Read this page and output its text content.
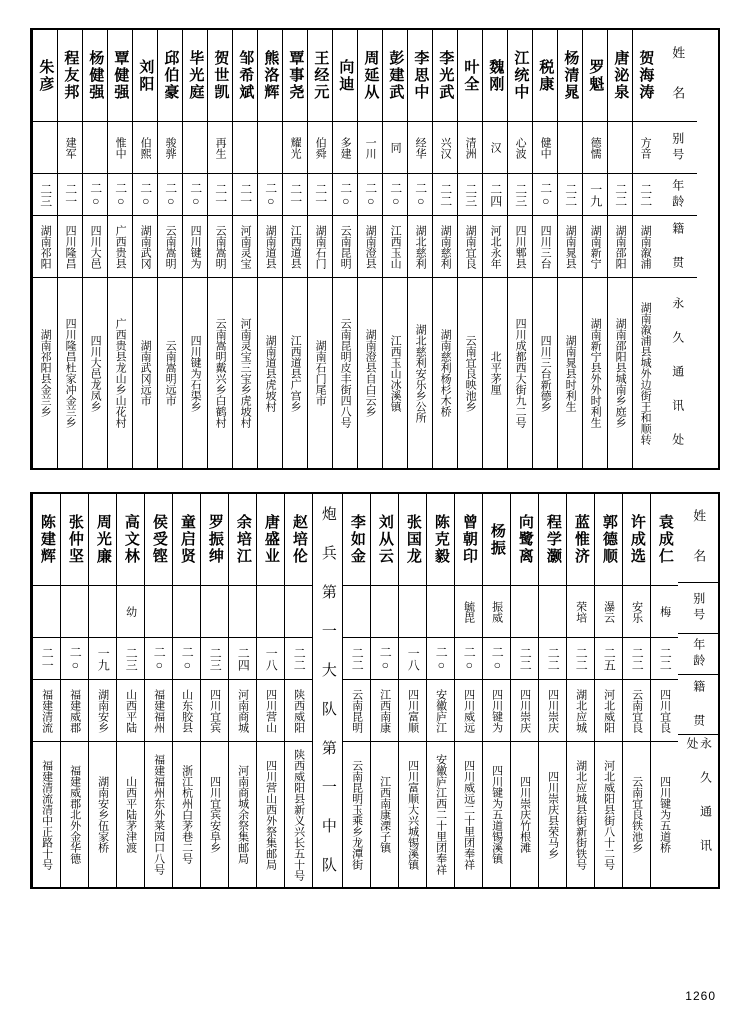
朱彦
二三
湖南祁阳
湖南祁阳县金兰乡
程友邦
建军
二一
四川隆昌
四川隆昌杜家冲金兰乡
杨健强
二○
四川大邑
四川大邑龙凤乡
覃健强
惟中
二○
广西贵县
广西贵县龙山乡山花村
刘阳
伯熙
二○
湖南武冈
湖南武冈远市
邱伯豪
骏骅
二○
云南嵩明
云南嵩明远市
毕光庭
二○
四川键为
四川键为石渠乡
贺世凯
再生
二一
云南嵩明
云南嵩明戴兴乡白鹤村
邹希斌
二一
河南灵宝
河南灵宝三宝乡虎坡村
熊洛辉
二○
湖南道县
湖南道县虎坡村
覃事尧
耀光
二一
江西道县
江西道县广宫乡
王经元
伯舜
二一
湖南石门
湖南石门尾市
向迪
多建
二○
云南昆明
云南昆明皮丰街四八号
周延从
一川
二○
湖南澄县
湖南澄县自白云乡
彭建武
同
二○
江西玉山
江西玉山冰溪镇
李思中
经华
二○
湖北慈利
湖北慈利安乐乡公所
李光武
兴汉
二二
湖南慈利
湖南慈利杨杉木桥
叶全
清洲
二三
湖南宜良
云南宜良映池乡
魏刚
汉
二四
河北永年
北平茅厘
江统中
心波
二三
四川郫县
四川成都西大街九二号
税康
健中
二○
四川三台
四川三台新德乡
杨清晁
二二
湖南晁县
湖南晁县时利生
罗魁
德懦
一九
湖南新宁
湖南新宁县外外时利生
唐泌泉
二二
湖南邵阳
湖南邵阳县城南乡庭乡
贺海涛
方音
二二
湖南溆浦
湖南溆浦县城外边街王和顺转
姓 名
别号
年龄
籍 贯
永 久 通 讯 处
陈建辉
二一
福建清流
福建清流清中正路十号
张仲坚
二○
福建威郡
福建威郡北外金华德
周光廉
一九
湖南安乡
湖南安乡伍家桥
高文林
幼
二三
山西平陆
山西平陆茅津渡
侯受铿
二○
福建福州
福建福州东外菜园口八号
童启贤
二○
山东胶县
浙江杭州白茅巷二号
罗振绅
二三
四川宜宾
四川宜宾安阜乡
余培江
二四
河南商城
河南商城余祭集邮局
唐盛业
一八
四川营山
四川营山西外祭集邮局
赵培伦
二二
陕西威阳
陕西威阳县新义兴长五十号	炮 兵 第 一 大 队 第 一 中 队 李如金
二二
云南昆明
云南昆明玉乘乡龙潭街
刘从云
二○
江西南康
江西南康溧子镇
张国龙
一八
四川富顺
四川富顺大兴城锡溪镇
陈克毅
二○
安徽庐江
安徽庐江西二十里团奉祥
曾朝印
毓毘
二○
四川威远
四川威远二十里团奉祥
杨振
振威
二○
四川键为
四川键为五道锡溪镇
向鹭离
二二
四川崇庆
四川崇庆竹根滩
程学灏
二二
四川崇庆
四川崇庆县荣马乡
蓝惟济
荣培
二二
湖北应城
湖北应城县街新街铁号
郭德顺
瀑云
二五
河北威阳
河北威阳县街八十二号
许成选
安乐
二二
云南宜良
云南宜良铁池乡
袁成仁
梅
二二
四川宜良
四川键为五道桥
姓 名
别号
年龄
籍 贯
永 久 通 讯 处
1260
